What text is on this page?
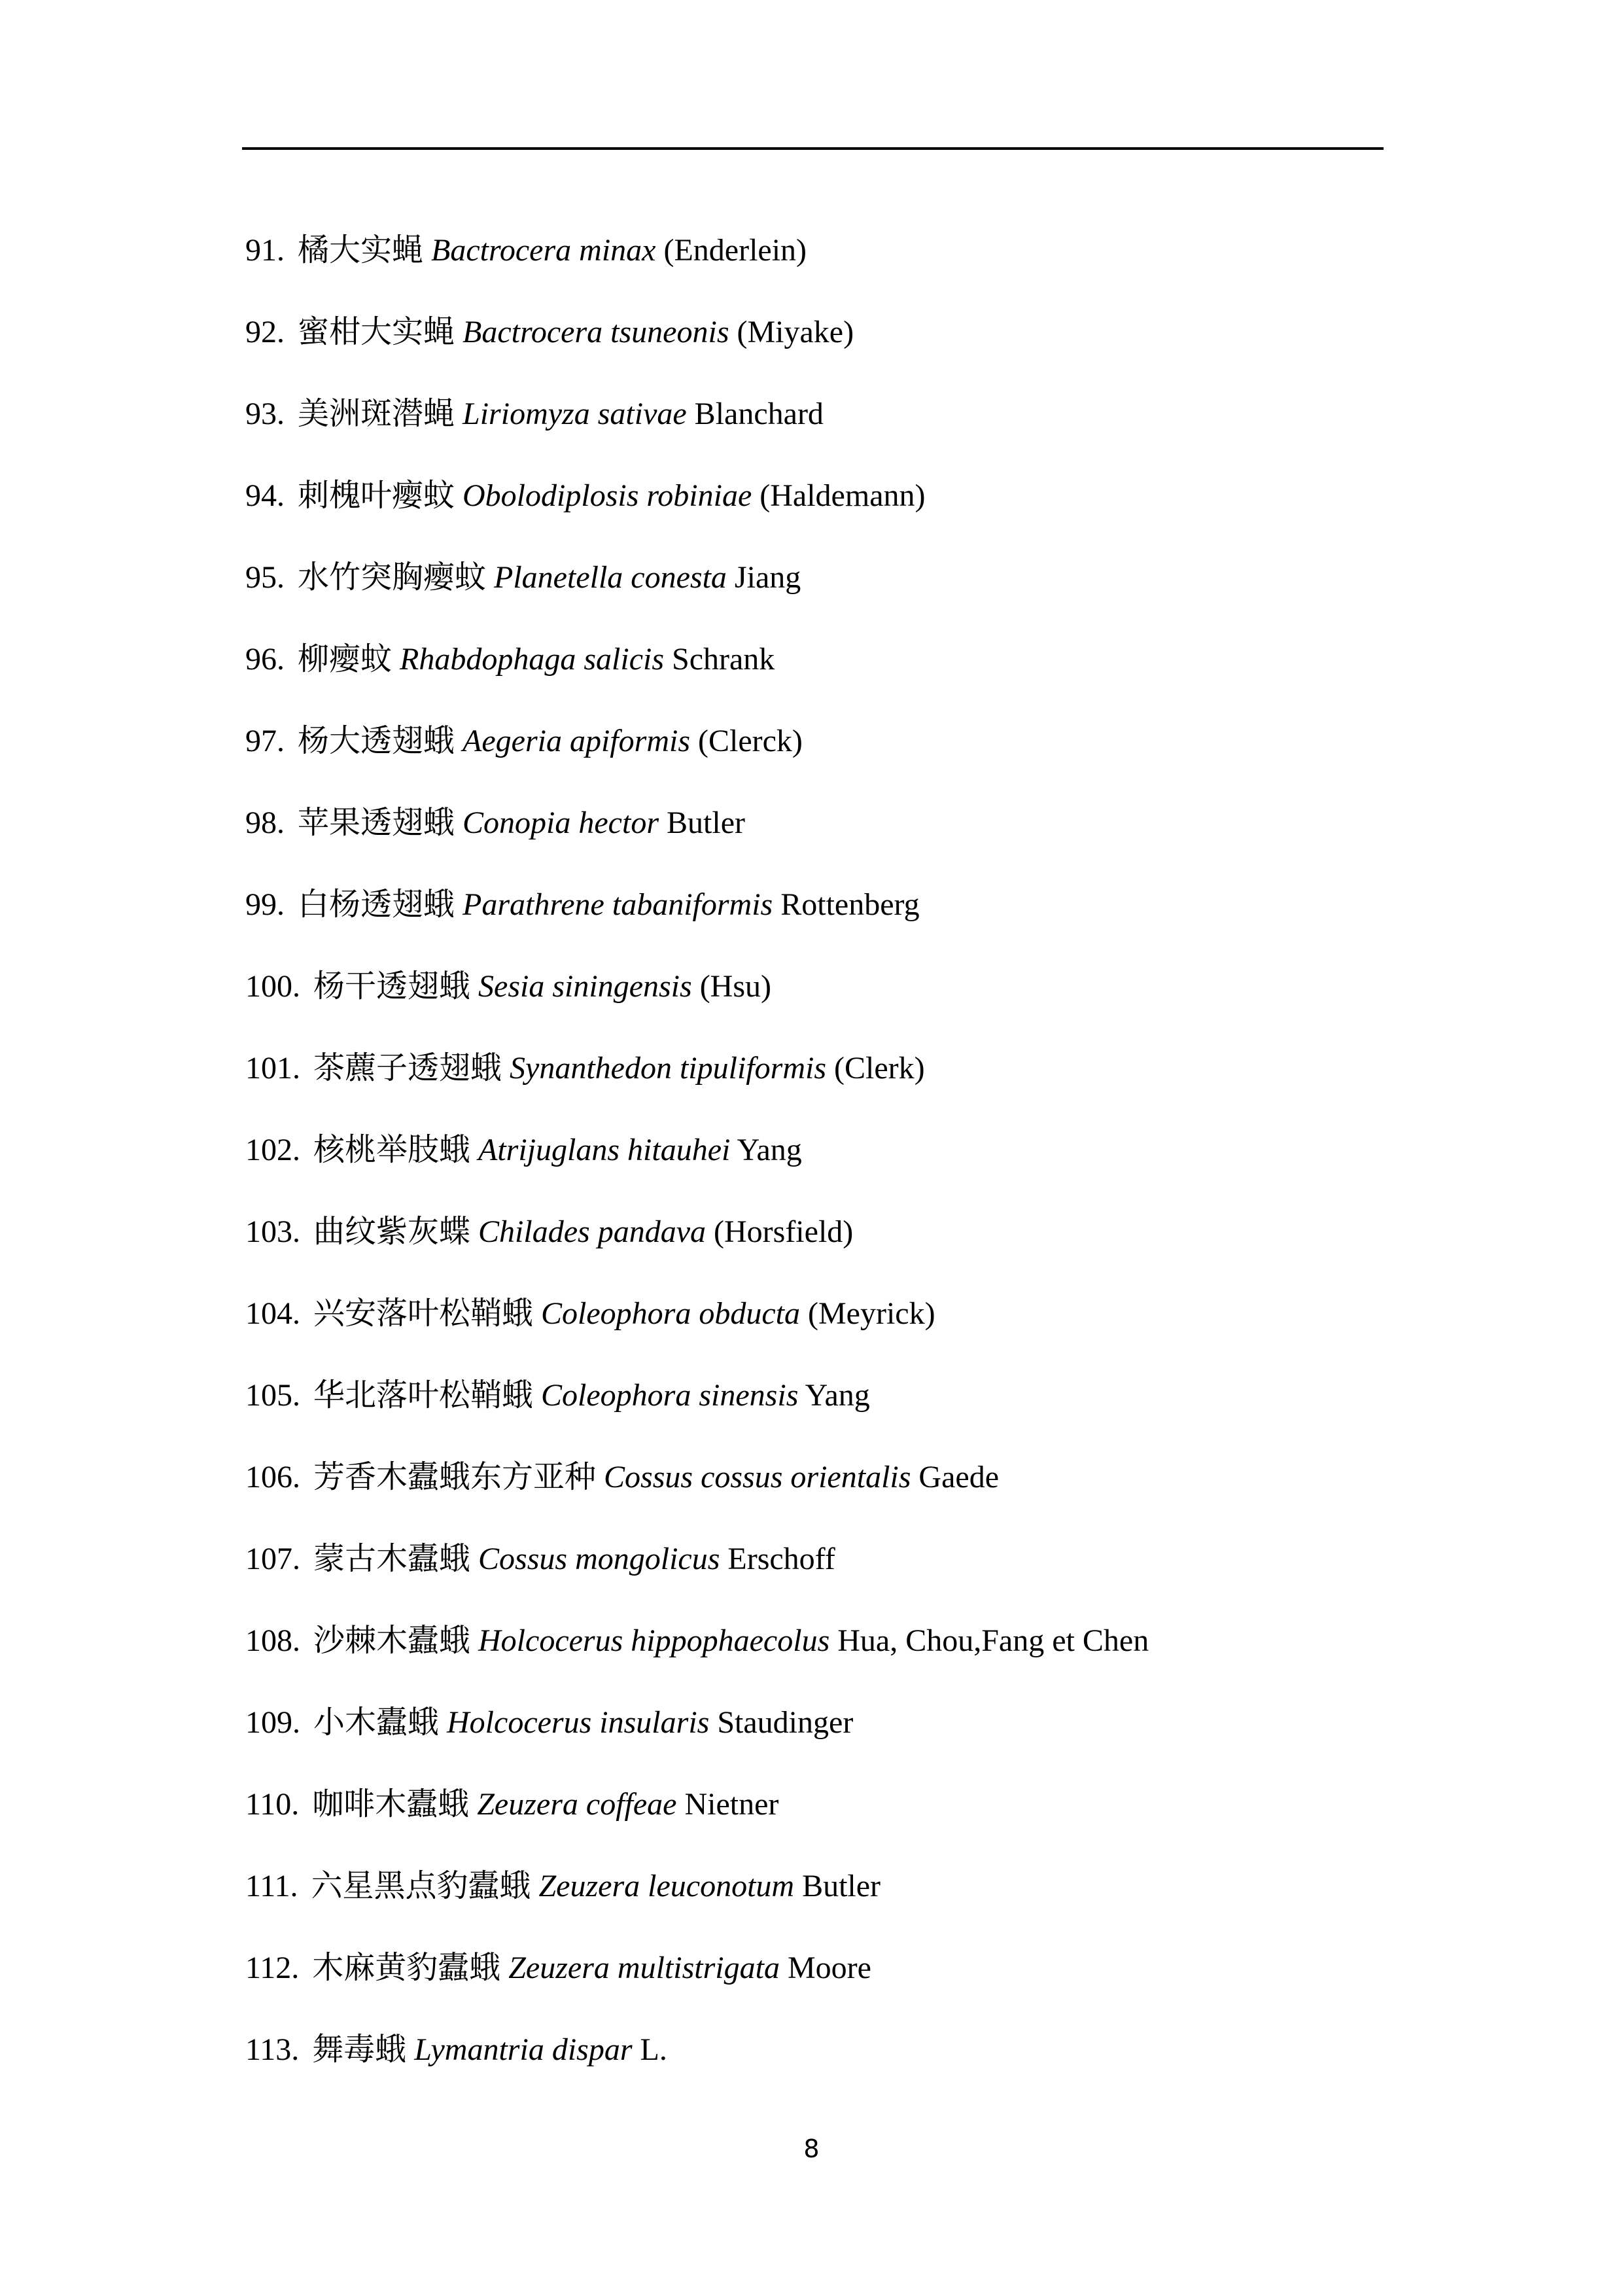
91. 橘大实蝇 Bactrocera minax (Enderlein)
92. 蜜柑大实蝇 Bactrocera tsuneonis (Miyake)
93. 美洲斑潜蝇 Liriomyza sativae Blanchard
94. 刺槐叶瘿蚊 Obolodiplosis robiniae (Haldemann)
95. 水竹突胸瘿蚊 Planetella conesta Jiang
96. 柳瘿蚊 Rhabdophaga salicis Schrank
97. 杨大透翅蛾 Aegeria apiformis (Clerck)
98. 苹果透翅蛾 Conopia hector Butler
99. 白杨透翅蛾 Parathrene tabaniformis Rottenberg
100. 杨干透翅蛾 Sesia siningensis (Hsu)
101. 茶藨子透翅蛾 Synanthedon tipuliformis (Clerk)
102. 核桃举肢蛾 Atrijuglans hitauhei Yang
103. 曲纹紫灰蝶 Chilades pandava (Horsfield)
104. 兴安落叶松鞘蛾 Coleophora obducta (Meyrick)
105. 华北落叶松鞘蛾 Coleophora sinensis Yang
106. 芳香木蠹蛾东方亚种 Cossus cossus orientalis Gaede
107. 蒙古木蠹蛾 Cossus mongolicus Erschoff
108. 沙棘木蠹蛾 Holcocerus hippophaecolus Hua, Chou,Fang et Chen
109. 小木蠹蛾 Holcocerus insularis Staudinger
110. 咖啡木蠹蛾 Zeuzera coffeae Nietner
111. 六星黑点豹蠹蛾 Zeuzera leuconotum Butler
112. 木麻黄豹蠹蛾 Zeuzera multistrigata Moore
113. 舞毒蛾 Lymantria dispar L.
8
